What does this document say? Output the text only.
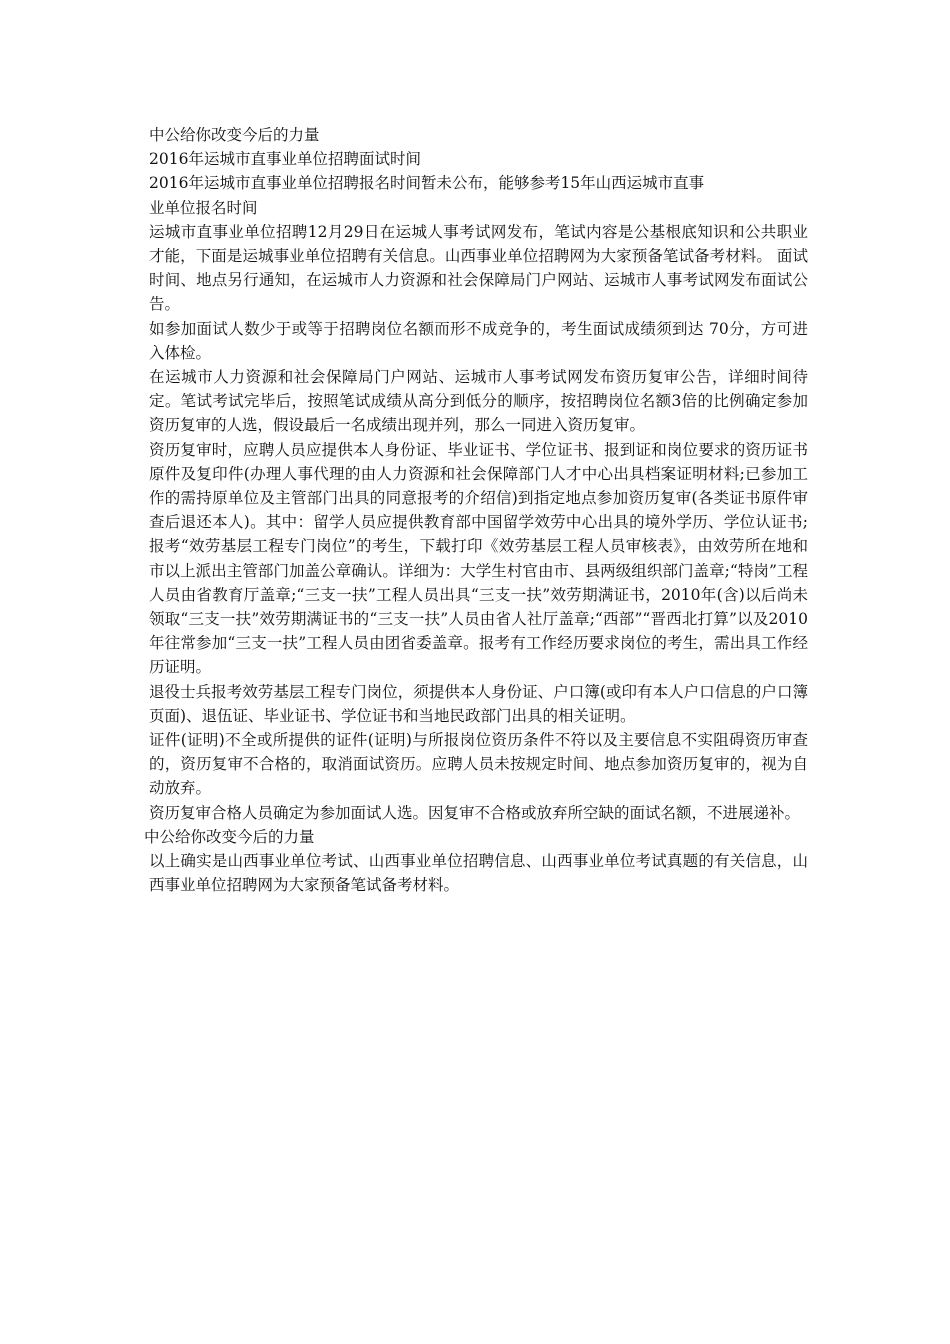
中公给你改变今后的力量
2016年运城市直事业单位招聘面试时间
2016年运城市直事业单位招聘报名时间暂未公布，能够参考15年山西运城市直事
业单位报名时间
运城市直事业单位招聘12月29日在运城人事考试网发布，笔试内容是公基根底知识和公共职业才能，下面是运城事业单位招聘有关信息。山西事业单位招聘网为大家预备笔试备考材料。 面试时间、地点另行通知，在运城市人力资源和社会保障局门户网站、运城市人事考试网发布面试公告。
如参加面试人数少于或等于招聘岗位名额而形不成竞争的，考生面试成绩须到达 70分，方可进入体检。
在运城市人力资源和社会保障局门户网站、运城市人事考试网发布资历复审公告，详细时间待定。笔试考试完毕后，按照笔试成绩从高分到低分的顺序，按招聘岗位名额3倍的比例确定参加资历复审的人选，假设最后一名成绩出现并列，那么一同进入资历复审。
资历复审时，应聘人员应提供本人身份证、毕业证书、学位证书、报到证和岗位要求的资历证书原件及复印件(办理人事代理的由人力资源和社会保障部门人才中心出具档案证明材料;已参加工作的需持原单位及主管部门出具的同意报考的介绍信)到指定地点参加资历复审(各类证书原件审查后退还本人)。其中：留学人员应提供教育部中国留学效劳中心出具的境外学历、学位认证书;报考“效劳基层工程专门岗位”的考生，下载打印《效劳基层工程人员审核表》，由效劳所在地和市以上派出主管部门加盖公章确认。详细为：大学生村官由市、县两级组织部门盖章;“特岗”工程人员由省教育厅盖章;“三支一扶”工程人员出具“三支一扶”效劳期满证书，2010年(含)以后尚未领取“三支一扶”效劳期满证书的“三支一扶”人员由省人社厅盖章;“西部”“晋西北打算”以及2010年往常参加“三支一扶”工程人员由团省委盖章。报考有工作经历要求岗位的考生，需出具工作经历证明。
退役士兵报考效劳基层工程专门岗位，须提供本人身份证、户口簿(或印有本人户口信息的户口簿页面)、退伍证、毕业证书、学位证书和当地民政部门出具的相关证明。
证件(证明)不全或所提供的证件(证明)与所报岗位资历条件不符以及主要信息不实阻碍资历审查的，资历复审不合格的，取消面试资历。应聘人员未按规定时间、地点参加资历复审的，视为自动放弃。
资历复审合格人员确定为参加面试人选。因复审不合格或放弃所空缺的面试名额，不进展递补。
中公给你改变今后的力量
以上确实是山西事业单位考试、山西事业单位招聘信息、山西事业单位考试真题的有关信息，山西事业单位招聘网为大家预备笔试备考材料。
